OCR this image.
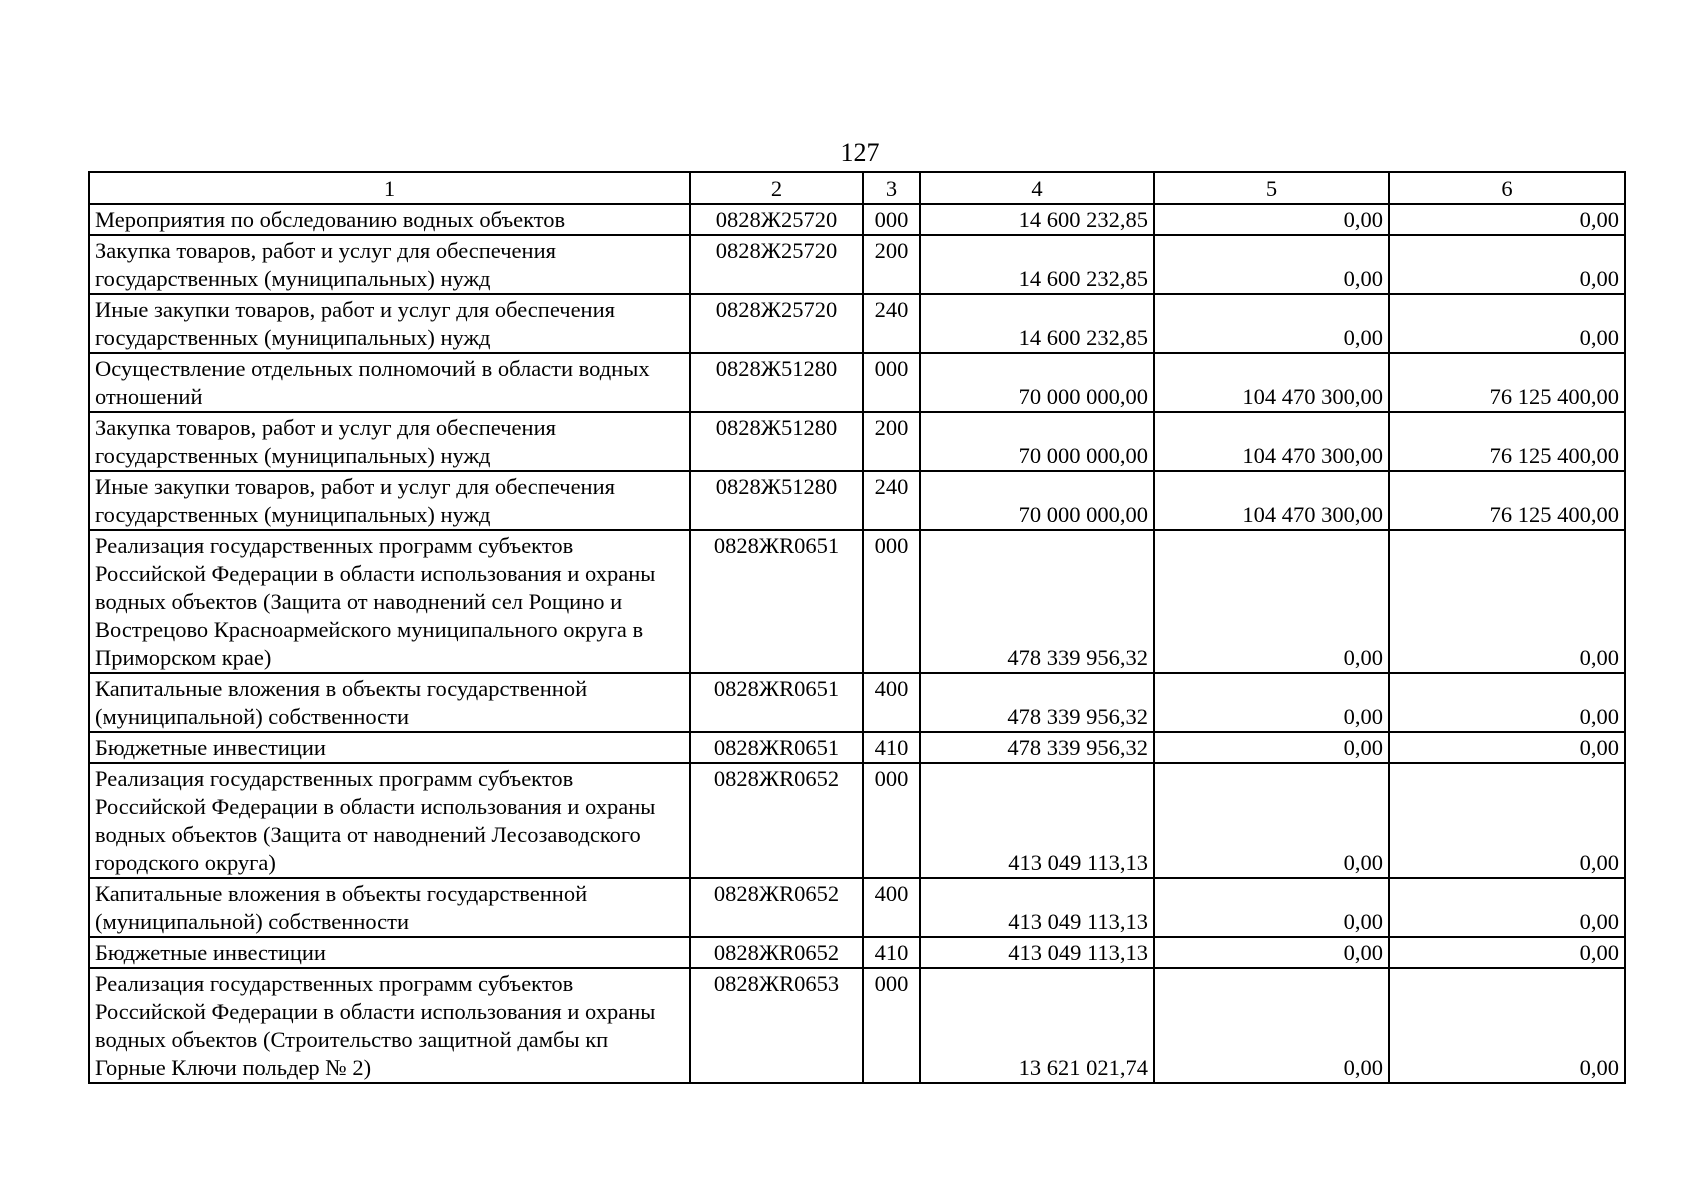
127
1	2	3	4	5	6
Мероприятия по обследованию водных объектов	0828Ж25720	000	14 600 232,85	0,00	0,00
Закупка товаров, работ и услуг для обеспечения государственных (муниципальных) нужд	0828Ж25720	200	14 600 232,85	0,00	0,00
Иные закупки товаров, работ и услуг для обеспечения государственных (муниципальных) нужд	0828Ж25720	240	14 600 232,85	0,00	0,00
Осуществление отдельных полномочий в области водных отношений	0828Ж51280	000	70 000 000,00	104 470 300,00	76 125 400,00
Закупка товаров, работ и услуг для обеспечения государственных (муниципальных) нужд	0828Ж51280	200	70 000 000,00	104 470 300,00	76 125 400,00
Иные закупки товаров, работ и услуг для обеспечения государственных (муниципальных) нужд	0828Ж51280	240	70 000 000,00	104 470 300,00	76 125 400,00
Реализация государственных программ субъектов Российской Федерации в области использования и охраны водных объектов (Защита от наводнений сел Рощино и Вострецово Красноармейского муниципального округа в Приморском крае)	0828ЖR0651	000	478 339 956,32	0,00	0,00
Капитальные вложения в объекты государственной (муниципальной) собственности	0828ЖR0651	400	478 339 956,32	0,00	0,00
Бюджетные инвестиции	0828ЖR0651	410	478 339 956,32	0,00	0,00
Реализация государственных программ субъектов Российской Федерации в области использования и охраны водных объектов (Защита от наводнений Лесозаводского городского округа)	0828ЖR0652	000	413 049 113,13	0,00	0,00
Капитальные вложения в объекты государственной (муниципальной) собственности	0828ЖR0652	400	413 049 113,13	0,00	0,00
Бюджетные инвестиции	0828ЖR0652	410	413 049 113,13	0,00	0,00
Реализация государственных программ субъектов Российской Федерации в области использования и охраны водных объектов (Строительство защитной дамбы кп Горные Ключи польдер № 2)	0828ЖR0653	000	13 621 021,74	0,00	0,00
